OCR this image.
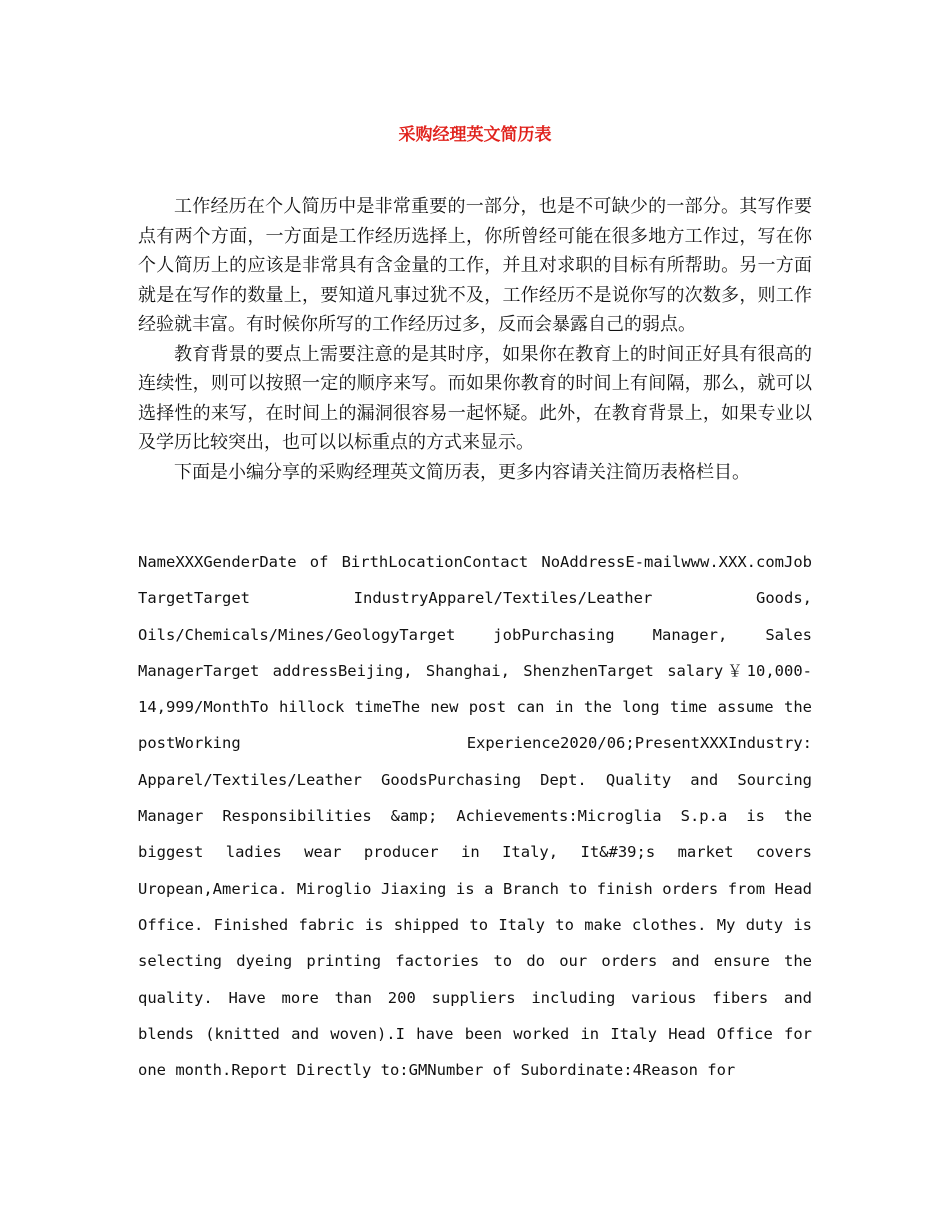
采购经理英文简历表

工作经历在个人简历中是非常重要的一部分，也是不可缺少的一部分。其写作要点有两个方面，一方面是工作经历选择上，你所曾经可能在很多地方工作过，写在你个人简历上的应该是非常具有含金量的工作，并且对求职的目标有所帮助。另一方面就是在写作的数量上，要知道凡事过犹不及，工作经历不是说你写的次数多，则工作经验就丰富。有时候你所写的工作经历过多，反而会暴露自己的弱点。

教育背景的要点上需要注意的是其时序，如果你在教育上的时间正好具有很高的连续性，则可以按照一定的顺序来写。而如果你教育的时间上有间隔，那么，就可以选择性的来写，在时间上的漏洞很容易一起怀疑。此外，在教育背景上，如果专业以及学历比较突出，也可以以标重点的方式来显示。

下面是小编分享的采购经理英文简历表，更多内容请关注简历表格栏目。

NameXXXGenderDate of BirthLocationContact NoAddressE-mailwww.XXX.comJob TargetTarget IndustryApparel/Textiles/Leather Goods, Oils/Chemicals/Mines/GeologyTarget jobPurchasing Manager, Sales ManagerTarget addressBeijing, Shanghai, ShenzhenTarget salary￥10,000-14,999/MonthTo hillock timeThe new post can in the long time assume the postWorking Experience2020/06;PresentXXXIndustry: Apparel/Textiles/Leather GoodsPurchasing Dept. Quality and Sourcing Manager Responsibilities &amp; Achievements:Microglia S.p.a is the biggest ladies wear producer in Italy, It&#39;s market covers Uropean,America. Miroglio Jiaxing is a Branch to finish orders from Head Office. Finished fabric is shipped to Italy to make clothes. My duty is selecting dyeing printing factories to do our orders and ensure the quality. Have more than 200 suppliers including various fibers and blends (knitted and woven).I have been worked in Italy Head Office for one month.Report Directly to:GMNumber of Subordinate:4Reason for
